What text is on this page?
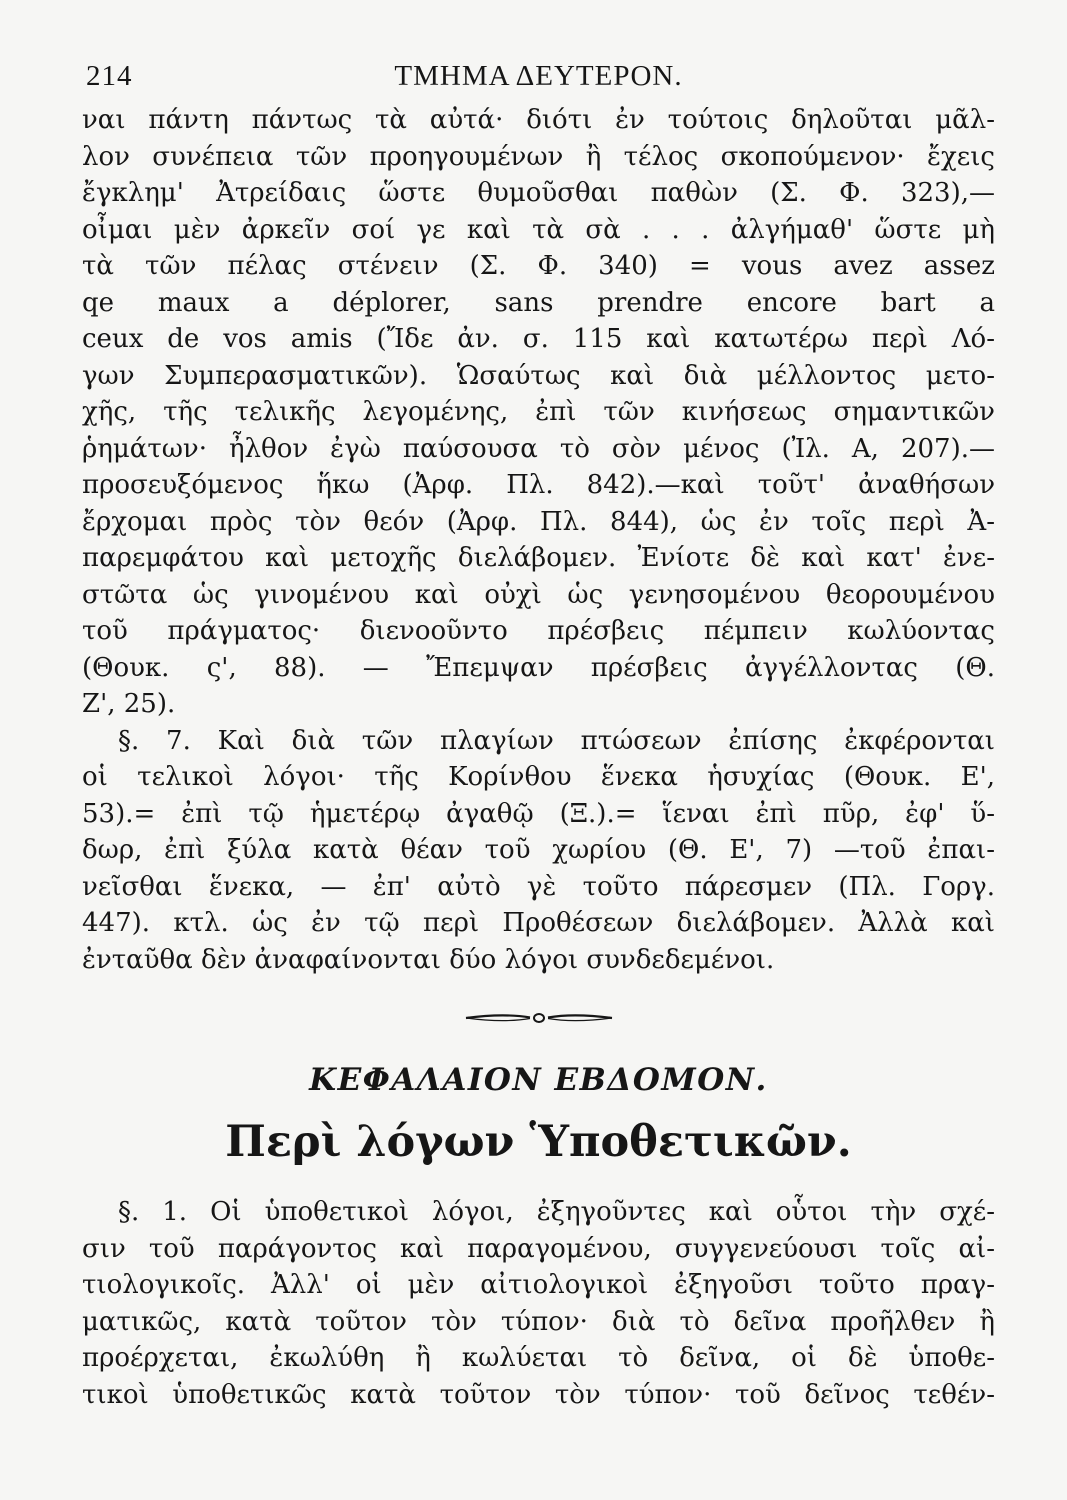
214	ΤΜΗΜΑ ΔΕΥΤΕΡΟΝ.
ναι πάντη πάντως τὰ αὐτά· διότι ἐν τούτοις δηλοῦται μᾶλ-
λον συνέπεια τῶν προηγουμένων ἢ τέλος σκοπούμενον· ἔχεις
ἔγκλημ' Ἀτρείδαις ὥστε θυμοῦσθαι παθὼν (Σ. Φ. 323),—
οἶμαι μὲν ἀρκεῖν σοί γε καὶ τὰ σὰ . . . ἀλγήμαθ' ὥστε μὴ
τὰ τῶν πέλας στένειν (Σ. Φ. 340) = vous avez assez
qe maux a déplorer, sans prendre encore bart a
ceux de vos amis (Ἴδε ἀν. σ. 115 καὶ κατωτέρω περὶ Λό-
γων Συμπερασματικῶν). Ὡσαύτως καὶ διὰ μέλλοντος μετο-
χῆς, τῆς τελικῆς λεγομένης, ἐπὶ τῶν κινήσεως σημαντικῶν
ῥημάτων· ἦλθον ἐγὼ παύσουσα τὸ σὸν μένος (Ἰλ. Α, 207).—
προσευξόμενος ἥκω (Ἀρφ. Πλ. 842).—καὶ τοῦτ' ἀναθήσων
ἔρχομαι πρὸς τὸν θεόν (Ἀρφ. Πλ. 844), ὡς ἐν τοῖς περὶ Ἀ-
παρεμφάτου καὶ μετοχῆς διελάβομεν. Ἐνίοτε δὲ καὶ κατ' ἐνε-
στῶτα ὡς γινομένου καὶ οὐχὶ ὡς γενησομένου θεορουμένου
τοῦ πράγματος· διενοοῦντο πρέσβεις πέμπειν κωλύοντας
(Θουκ. ς', 88). — Ἔπεμψαν πρέσβεις ἀγγέλλοντας (Θ.
Ζ', 25).
§. 7. Καὶ διὰ τῶν πλαγίων πτώσεων ἐπίσης ἐκφέρονται
οἱ τελικοὶ λόγοι· τῆς Κορίνθου ἕνεκα ἡσυχίας (Θουκ. Ε',
53).= ἐπὶ τῷ ἡμετέρῳ ἀγαθῷ (Ξ.).= ἵεναι ἐπὶ πῦρ, ἐφ' ὕ-
δωρ, ἐπὶ ξύλα κατὰ θέαν τοῦ χωρίου (Θ. Ε', 7) —τοῦ ἐπαι-
νεῖσθαι ἕνεκα, — ἐπ' αὐτὸ γὲ τοῦτο πάρεσμεν (Πλ. Γοργ.
447). κτλ. ὡς ἐν τῷ περὶ Προθέσεων διελάβομεν. Ἀλλὰ καὶ
ἐνταῦθα δὲν ἀναφαίνονται δύο λόγοι συνδεδεμένοι.
ΚΕΦΑΛΑΙΟΝ ΕΒΔΟΜΟΝ.
Περὶ λόγων Ὑποθετικῶν.
§. 1. Οἱ ὑποθετικοὶ λόγοι, ἐξηγοῦντες καὶ οὗτοι τὴν σχέ-
σιν τοῦ παράγοντος καὶ παραγομένου, συγγενεύουσι τοῖς αἰ-
τιολογικοῖς. Ἀλλ' οἱ μὲν αἰτιολογικοὶ ἐξηγοῦσι τοῦτο πραγ-
ματικῶς, κατὰ τοῦτον τὸν τύπον· διὰ τὸ δεῖνα προῆλθεν ἢ
προέρχεται, ἐκωλύθη ἢ κωλύεται τὸ δεῖνα, οἱ δὲ ὑποθε-
τικοὶ ὑποθετικῶς κατὰ τοῦτον τὸν τύπον· τοῦ δεῖνος τεθέν-
